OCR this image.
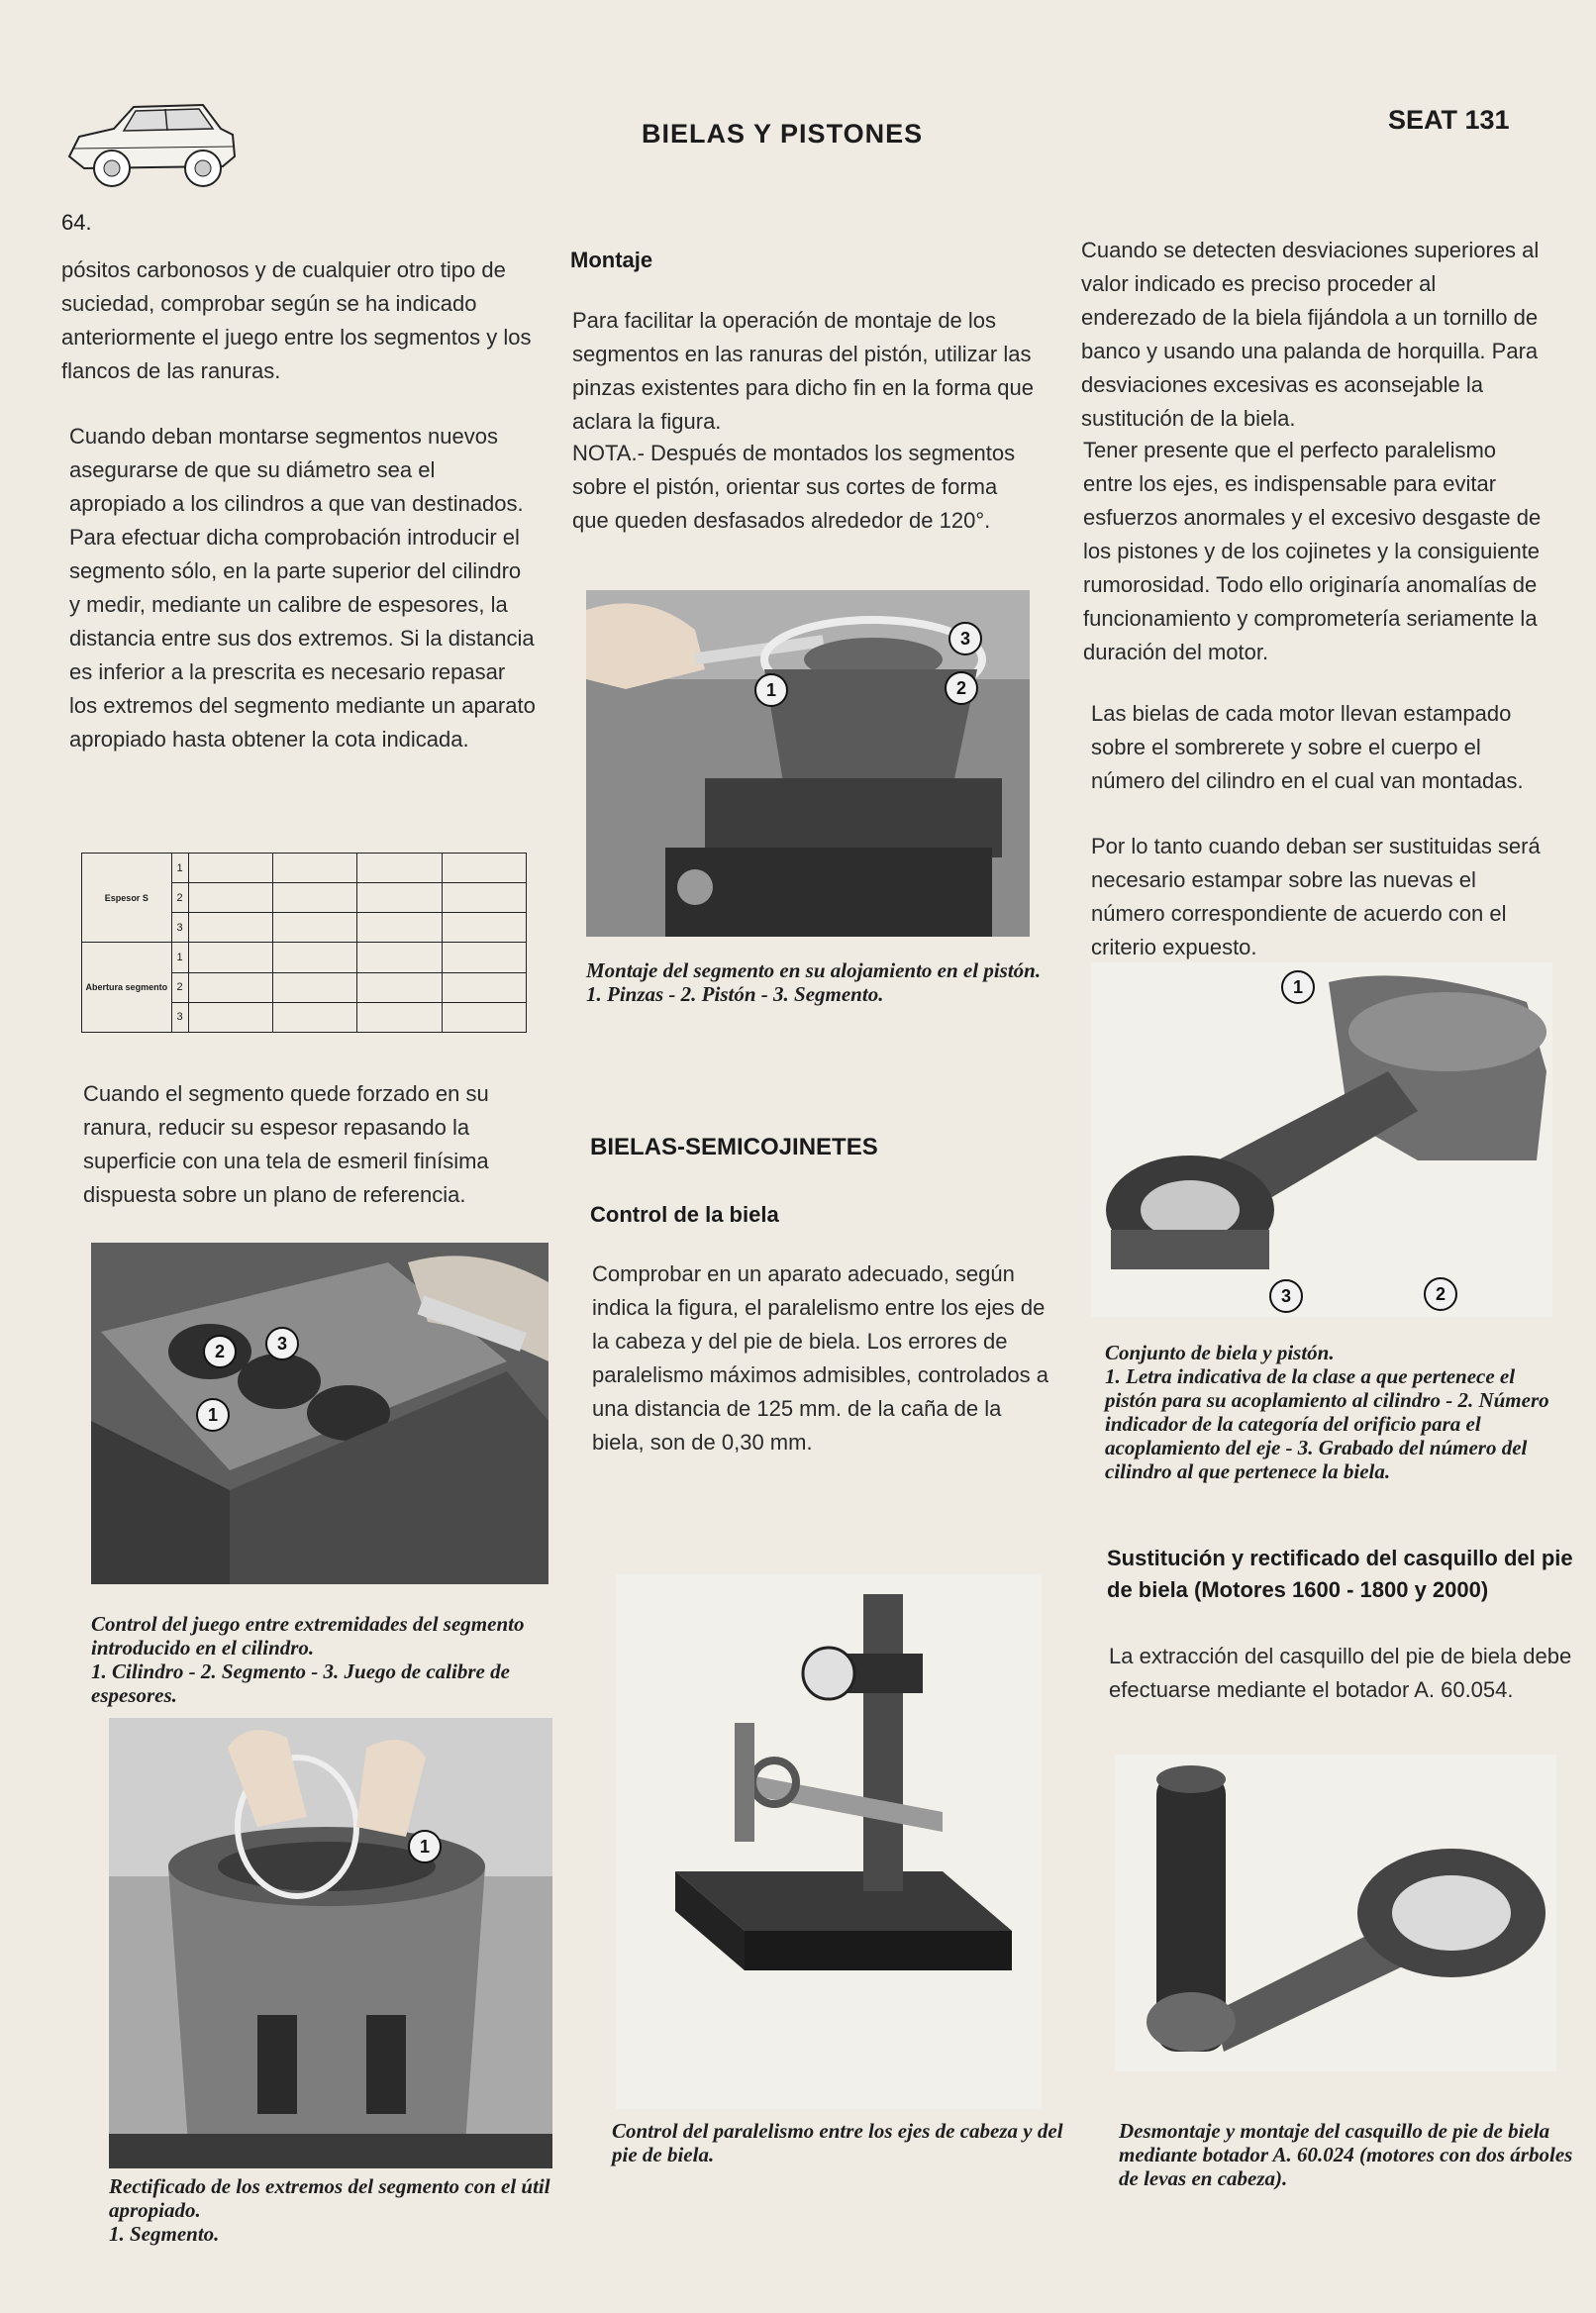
64.
BIELAS Y PISTONES	SEAT 131
pósitos carbonosos y de cualquier otro tipo de suciedad, comprobar según se ha indicado anteriormente el juego entre los segmentos y los flancos de las ranuras.
Cuando deban montarse segmentos nuevos asegurarse de que su diámetro sea el apropiado a los cilindros a que van destinados. Para efectuar dicha comprobación introducir el segmento sólo, en la parte superior del cilindro y medir, mediante un calibre de espesores, la distancia entre sus dos extremos. Si la distancia es inferior a la prescrita es necesario repasar los extremos del segmento mediante un aparato apropiado hasta obtener la cota indicada.
Espesor S	1				
	2				
	3				
Abertura segmento	1				
	2				
	3				
Cuando el segmento quede forzado en su ranura, reducir su espesor repasando la superficie con una tela de esmeril finísima dispuesta sobre un plano de referencia.
1
2	3
Control del juego entre extremidades del segmento introducido en el cilindro.
1. Cilindro - 2. Segmento - 3. Juego de calibre de espesores.
1
Rectificado de los extremos del segmento con el útil apropiado.
1. Segmento.
Montaje
Para facilitar la operación de montaje de los segmentos en las ranuras del pistón, utilizar las pinzas existentes para dicho fin en la forma que aclara la figura.
NOTA.- Después de montados los segmentos sobre el pistón, orientar sus cortes de forma que queden desfasados alrededor de 120°.
1	2
3
Montaje del segmento en su alojamiento en el pistón.
1. Pinzas - 2. Pistón - 3. Segmento.
BIELAS-SEMICOJINETES
Control de la biela
Comprobar en un aparato adecuado, según indica la figura, el paralelismo entre los ejes de la cabeza y del pie de biela. Los errores de paralelismo máximos admisibles, controlados a una distancia de 125 mm. de la caña de la biela, son de 0,30 mm.
Control del paralelismo entre los ejes de cabeza y del pie de biela.
Cuando se detecten desviaciones superiores al valor indicado es preciso proceder al enderezado de la biela fijándola a un tornillo de banco y usando una palanda de horquilla. Para desviaciones excesivas es aconsejable la sustitución de la biela.
Tener presente que el perfecto paralelismo entre los ejes, es indispensable para evitar esfuerzos anormales y el excesivo desgaste de los pistones y de los cojinetes y la consiguiente rumorosidad. Todo ello originaría anomalías de funcionamiento y comprometería seriamente la duración del motor.
Las bielas de cada motor llevan estampado sobre el sombrerete y sobre el cuerpo el número del cilindro en el cual van montadas.
Por lo tanto cuando deban ser sustituidas será necesario estampar sobre las nuevas el número correspondiente de acuerdo con el criterio expuesto.
1
3	2
Conjunto de biela y pistón.
1. Letra indicativa de la clase a que pertenece el pistón para su acoplamiento al cilindro - 2. Número indicador de la categoría del orificio para el acoplamiento del eje - 3. Grabado del número del cilindro al que pertenece la biela.
Sustitución y rectificado del casquillo del pie de biela (Motores 1600 - 1800 y 2000)
La extracción del casquillo del pie de biela debe efectuarse mediante el botador A. 60.054.
Desmontaje y montaje del casquillo de pie de biela mediante botador A. 60.024 (motores con dos árboles de levas en cabeza).
